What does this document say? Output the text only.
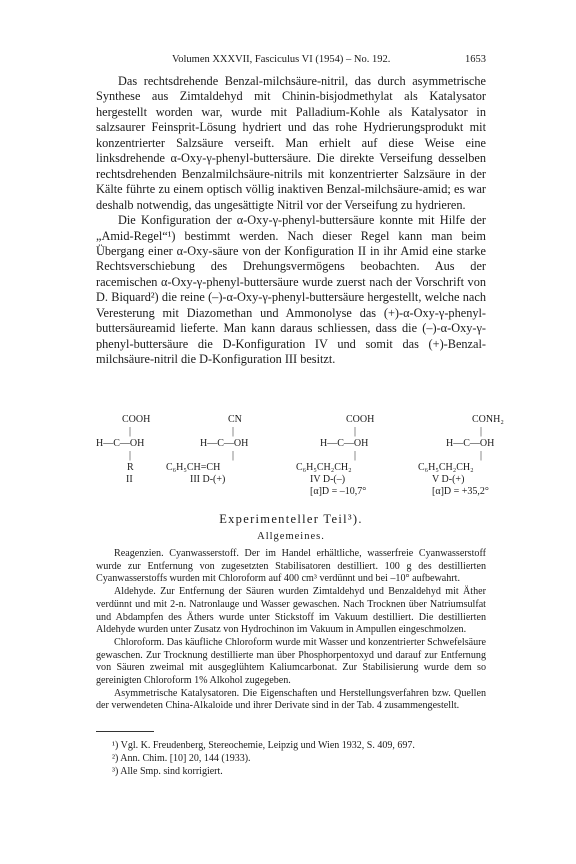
Volumen XXXVII, Fasciculus VI (1954) – No. 192.	1653

Das rechtsdrehende Benzal-milchsäure-nitril, das durch asymmetrische Synthese aus Zimtaldehyd mit Chinin-bisjodmethylat als Katalysator hergestellt worden war, wurde mit Palladium-Kohle als Katalysator in salzsaurer Feinsprit-Lösung hydriert und das rohe Hydrierungsprodukt mit konzentrierter Salzsäure verseift. Man erhielt auf diese Weise eine linksdrehende α-Oxy-γ-phenyl-buttersäure. Die direkte Verseifung desselben rechtsdrehenden Benzalmilchsäure-nitrils mit konzentrierter Salzsäure in der Kälte führte zu einem optisch völlig inaktiven Benzal-milchsäure-amid; es war deshalb notwendig, das ungesättigte Nitril vor der Verseifung zu hydrieren.

Die Konfiguration der α-Oxy-γ-phenyl-buttersäure konnte mit Hilfe der „Amid-Regel“¹) bestimmt werden. Nach dieser Regel kann man beim Übergang einer α-Oxy-säure von der Konfiguration II in ihr Amid eine starke Rechtsverschiebung des Drehungsvermögens beobachten. Aus der racemischen α-Oxy-γ-phenyl-buttersäure wurde zuerst nach der Vorschrift von D. Biquard²) die reine (–)-α-Oxy-γ-phenyl-buttersäure hergestellt, welche nach Veresterung mit Diazomethan und Ammonolyse das (+)-α-Oxy-γ-phenyl-buttersäureamid lieferte. Man kann daraus schliessen, dass die (–)-α-Oxy-γ-phenyl-buttersäure die D-Konfiguration IV und somit das (+)-Benzal-milchsäure-nitril die D-Konfiguration III besitzt.

COOH
|
H—C—OH
|
R
II
CN
|
H—C—OH
|
C₆H₅CH=CH
III D-(+)
COOH
|
H—C—OH
|
C₆H₅CH₂CH₂
IV D-(–)
[α]D = –10,7°
CONH₂
|
H—C—OH
|
C₆H₅CH₂CH₂
V D-(+)
[α]D = +35,2°
Experimenteller Teil³).
Allgemeines.

Reagenzien. Cyanwasserstoff. Der im Handel erhältliche, wasserfreie Cyanwasserstoff wurde zur Entfernung von zugesetzten Stabilisatoren destilliert. 100 g des destillierten Cyanwasserstoffs wurden mit Chloroform auf 400 cm³ verdünnt und bei –10° aufbewahrt.

Aldehyde. Zur Entfernung der Säuren wurden Zimtaldehyd und Benzaldehyd mit Äther verdünnt und mit 2-n. Natronlauge und Wasser gewaschen. Nach Trocknen über Natriumsulfat und Abdampfen des Äthers wurde unter Stickstoff im Vakuum destilliert. Die destillierten Aldehyde wurden unter Zusatz von Hydrochinon im Vakuum in Ampullen eingeschmolzen.

Chloroform. Das käufliche Chloroform wurde mit Wasser und konzentrierter Schwefelsäure gewaschen. Zur Trocknung destillierte man über Phosphorpentoxyd und darauf zur Entfernung von Säuren zweimal mit ausgeglühtem Kaliumcarbonat. Zur Stabilisierung wurde dem so gereinigten Chloroform 1% Alkohol zugegeben.

Asymmetrische Katalysatoren. Die Eigenschaften und Herstellungsverfahren bzw. Quellen der verwendeten China-Alkaloide und ihrer Derivate sind in der Tab. 4 zusammengestellt.

¹) Vgl. K. Freudenberg, Stereochemie, Leipzig und Wien 1932, S. 409, 697.
²) Ann. Chim. [10] 20, 144 (1933).
³) Alle Smp. sind korrigiert.
